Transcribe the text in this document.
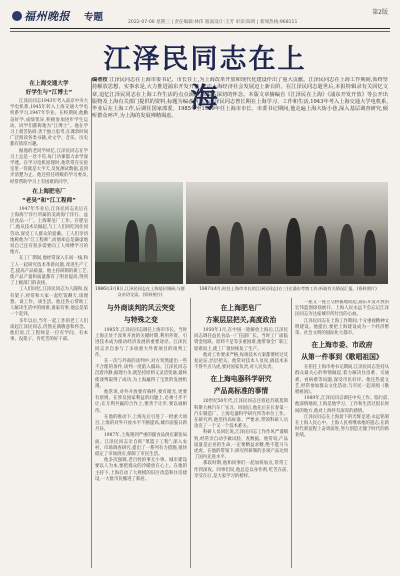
福州晚报 专题	第2版
2022-07-06 星期三 | 责任编辑:林伟 版面设计:王芳 审读:陈明 | 新闻热线:968111
江泽民同志在上海

编者按 江泽民同志在上海市委书记、市长任上,为上海改革开放和现代化建设作出了重大贡献。江泽民同志在上海工作期间,始终坚持解放思想、实事求是,大力推进浦东开发开放,推动上海经济社会发展迈上新台阶。在江泽民同志逝世后,本报特辑录有关回忆文章,追忆江泽民同志在上海工作生活的点点滴滴,以表达深切的怀念。本版文章摘编自《江泽民在上海》《浦东开发开放》等公开出版物及上海有关部门提供的资料,标题为编者所加。江泽民同志曾长期在上海学习、工作和生活,1943年考入上海交通大学电机系,毕业后在上海工作,后调任国家部委。1985年至1989年任上海市市长、市委书记期间,他走遍上海大街小巷,深入基层调查研究,倾听群众呼声,为上海的发展殚精竭虑。

1986年3月8日,江泽民同志在上海基层调研,与群众亲切交谈。(资料照片)
1987年4月,时任上海市市长的江泽民同志(右三)在浦东考察工作,听取有关情况汇报。(资料照片)
在上海交通大学
好学生与“江博士”

江泽民同志1943年考入南京中央大学电机系,1945年转入上海交通大学电机系学习,1947年毕业。在校期间,他勤奋好学,成绩优异,积极参加进步学生运动。同学们都称他为“江博士”。他在学习上刻苦钻研,善于独立思考,在课余时间广泛阅读各类书籍,对文学、音乐、历史都有浓厚兴趣。

据他的老同学回忆,江泽民同志在学习上总是一丝不苟,每门功课都力求学深学透。在学习电机原理时,他常常在实验室里一待就是大半天,反复测试数据,直到弄清楚为止。他还担任班级的学习委员,经常帮助学习上有困难的同学。

在上海肥皂厂
“老吴”和“江工程师”

1947年毕业后,江泽民同志先后在上海海宁洋行所属的美商海宁洋行、益民食品一厂、上海制皂厂工作。在肥皂厂,他从技术员做起,与工人们同吃同住同劳动,深受工人群众的爱戴。工人们亲切地称他为“江工程师”,而他却总是谦虚地说自己还有很多需要向工人师傅学习的地方。

在工厂期间,他经常深入车间一线,和工人一起研究技术革新问题,改进生产工艺,提高产品质量。他主持研制的新工艺,使产品产量和质量都有了明显提高,得到了上级部门的表扬。

工人们回忆,江泽民同志为人随和,没有架子,经常和大家一起吃饭聊天,谈理想、谈工作、谈生活。他还热心帮助工人解决生活中的困难,谁家有事,他总是第一个赶到。

多年以后,当年一起工作的老工人们谈起江泽民同志,仍然充满敬意和怀念。他们说,江工程师是一位有学问、有本事、没架子、肯吃苦的好干部。

与外商谈判的风云突变
与特殊之变

1985年,江泽民同志调任上海市市长。当时上海正处于改革开放的关键时期,利用外资、引进技术成为推动经济发展的重要途径。江泽民同志亲自参与了多项重大外资项目的谈判工作。

在一次与外商的谈判中,对方突然提出一些不合理的条件,谈判一度陷入僵局。江泽民同志沉着冷静,据理力争,既坚持原则又灵活变通,最终使谈判取得了成功,为上海赢得了宝贵的发展机遇。

他常说,对外开放要有胸怀,要有眼光,更要有原则。在涉及国家利益的问题上,必须寸步不让;在互利共赢的合作上,要善于让步,要以诚相待。

在他的推动下,上海先后引进了一批重大项目,上海的对外开放水平不断提高,城市面貌日新月异。

1987年,上海遇到严重的副食品供应紧张局面。江泽民同志亲自抓“菜篮子工程”,深入农村、市场调查研究,提出了一系列有力措施,很快稳定了市场供应,保障了市民生活。

他多次强调,老百姓的事无小事。城市建设要以人为本,要把群众的冷暖放在心上。在他的主持下,上海启动了大规模的旧区改造和住房建设,一大批市民搬进了新居。

在上海肥皂厂
方案层层把关,高度政治

1950年1月,在中国一轮解放上海后,江泽民同志调任益民食品一厂任副厂长。当时工厂面临资金短缺、原料不足等多重困难,他带领全厂职工迎难而上,使工厂很快恢复了生产。

他对工作要求严格,每项技术方案都要经过反复论证,层层把关。他常对技术人员说,搞技术来不得半点马虎,要对国家负责,对人民负责。

在上海电器科学研究
产品高标准的事情

20世纪50年代,江泽民同志还曾赴苏联莫斯科斯大林汽车厂实习。回国后,他先后在长春第一汽车制造厂、上海电器科学研究所等单位工作。在研究所,他坚持高标准、严要求,带领科研人员攻克了一个又一个技术难关。

科研人员回忆说,江泽民同志工作作风严谨细致,经常亲自动手做试验、查数据。他常说,产品质量是企业的生命,一定要精益求精,绝不能马马虎虎。在他的带领下,研究所研制的多项产品达到了国内先进水平。

那段时期,他和同事们一起加班加点,常常工作到深夜。同事们说,他总是以身作则,吃苦在前,享受在后,是大家学习的榜样。

一座又一座立交桥拔地而起,浦东开发开放的宏伟蓝图徐徐展开。上海人民永远不会忘记江泽民同志为这座城市所付出的心血。

江泽民同志在上海工作期间,十分重视精神文明建设。他提出,要把上海建设成为一个经济繁荣、社会文明的国际化大都市。

在上海市委、市政府
从第一件事到《歌唱祖国》

在担任上海市委书记期间,江泽民同志坚持从群众最关心的事情做起,着力解决住房难、交通难、看病难等问题,深受市民好评。他还热爱文艺,经常参加群众文化活动,与市民一起高唱《歌唱祖国》。

1989年,江泽民同志调任中央工作。临行前,他深情地说,上海是他学习、工作和生活过很长时间的地方,他对上海怀有深厚的感情。

江泽民同志在上海留下的光辉足迹,永远铭刻在上海人民心中。上海人民将继承他的遗志,在新时代新征程上奋勇前进,努力创造无愧于时代的新业绩。
